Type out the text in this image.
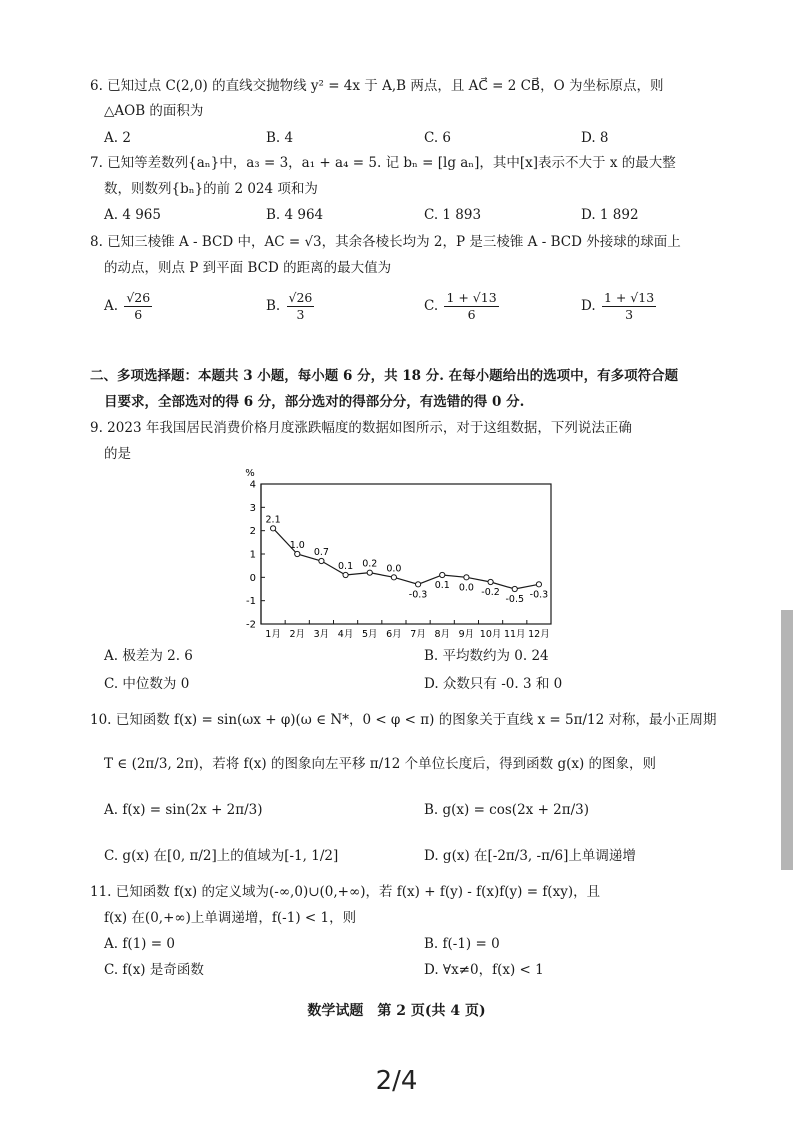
6. 已知过点 C(2,0) 的直线交抛物线 y² = 4x 于 A,B 两点，且 AC⃗ = 2 CB⃗，O 为坐标原点，则
△AOB 的面积为
A. 2	B. 4	C. 6	D. 8
7. 已知等差数列{aₙ}中，a₃ = 3，a₁ + a₄ = 5. 记 bₙ = [lg aₙ]，其中[x]表示不大于 x 的最大整
数，则数列{bₙ}的前 2 024 项和为
A. 4 965	B. 4 964	C. 1 893	D. 1 892
8. 已知三棱锥 A - BCD 中，AC = √3，其余各棱长均为 2，P 是三棱锥 A - BCD 外接球的球面上
的动点，则点 P 到平面 BCD 的距离的最大值为
A. $\frac{√26}{6}$	B. $\frac{√26}{3}$	C. $\frac{1 + √13}{6}$	D. $\frac{1 + √13}{3}$
二、多项选择题：本题共 3 小题，每小题 6 分，共 18 分. 在每小题给出的选项中，有多项符合题
目要求，全部选对的得 6 分，部分选对的得部分分，有选错的得 0 分.
9. 2023 年我国居民消费价格月度涨跌幅度的数据如图所示，对于这组数据，下列说法正确
的是
%
-2
-1
0
1
2
3
4
1月 2月 3月 4月 5月 6月 7月 8月 9月 10月 11月 12月
2.1
1.0
0.7
0.1 0.2 0.0
-0.3
0.1 0.0 -0.2
-0.5 -0.3
A. 极差为 2. 6	B. 平均数约为 0. 24
C. 中位数为 0	D. 众数只有 -0. 3 和 0
10. 已知函数 f(x) = sin(ωx + φ)(ω ∈ N*，0 < φ < π) 的图象关于直线 x = 5π/12 对称，最小正周期
T ∈ (2π/3, 2π)，若将 f(x) 的图象向左平移 π/12 个单位长度后，得到函数 g(x) 的图象，则
A. f(x) = sin(2x + 2π/3)	B. g(x) = cos(2x + 2π/3)
C. g(x) 在[0, π/2]上的值域为[-1, 1/2]	D. g(x) 在[-2π/3, -π/6]上单调递增
11. 已知函数 f(x) 的定义域为(-∞,0)∪(0,+∞)，若 f(x) + f(y) - f(x)f(y) = f(xy)，且
f(x) 在(0,+∞)上单调递增，f(-1) < 1，则
A. f(1) = 0	B. f(-1) = 0
C. f(x) 是奇函数	D. ∀x≠0，f(x) < 1
数学试题　第 2 页(共 4 页)
2/4
